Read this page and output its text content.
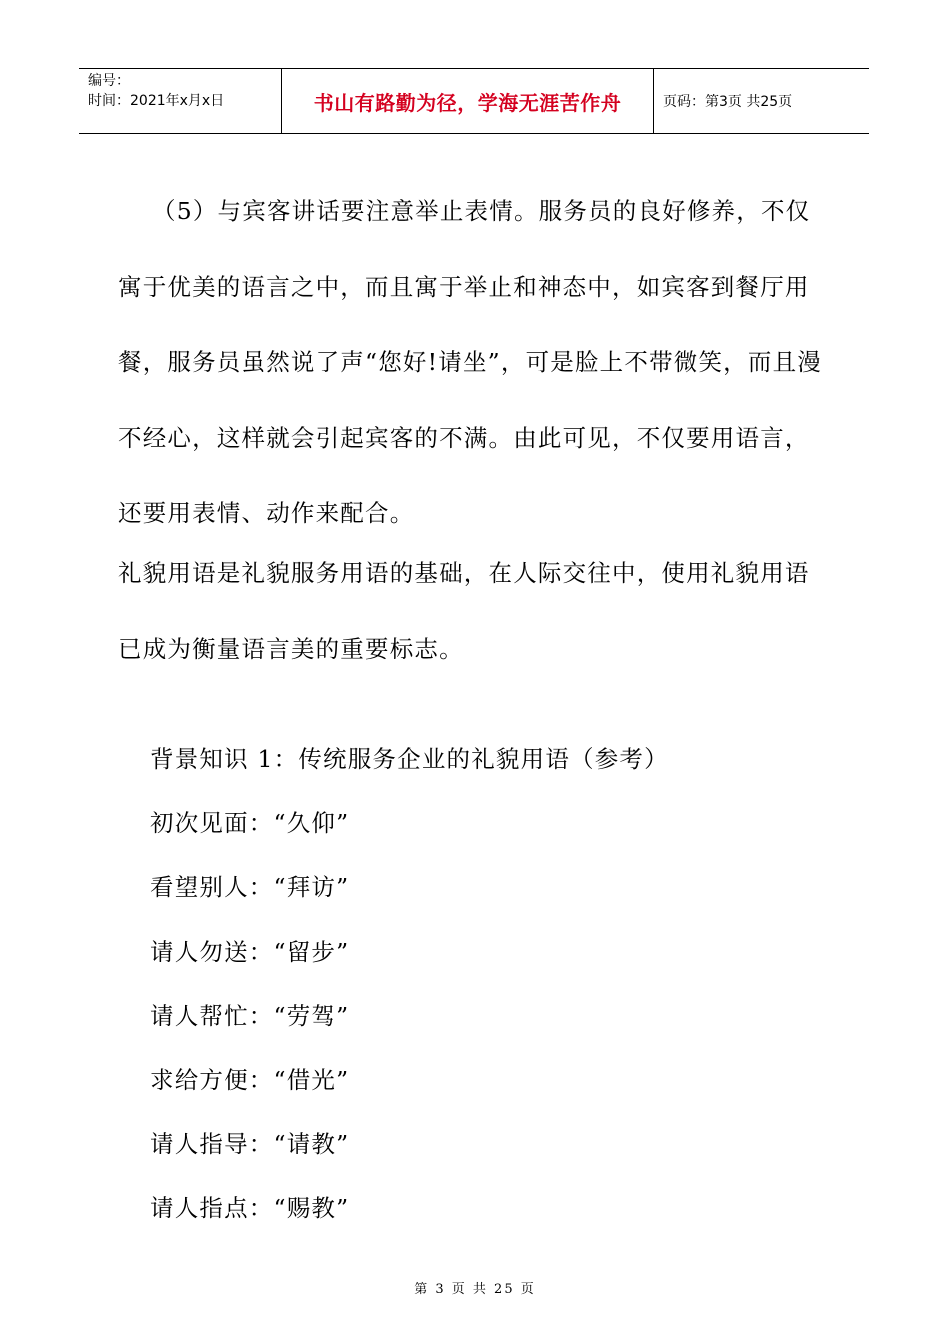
编号：
时间：2021年x月x日	书山有路勤为径，学海无涯苦作舟	页码：第3页 共25页

（5）与宾客讲话要注意举止表情。服务员的良好修养，不仅寓于优美的语言之中，而且寓于举止和神态中，如宾客到餐厅用餐，服务员虽然说了声“您好!请坐”，可是脸上不带微笑，而且漫不经心，这样就会引起宾客的不满。由此可见，不仅要用语言，还要用表情、动作来配合。

礼貌用语是礼貌服务用语的基础，在人际交往中，使用礼貌用语已成为衡量语言美的重要标志。

背景知识 1：传统服务企业的礼貌用语（参考）
初次见面：“久仰”
看望别人：“拜访”
请人勿送：“留步”
请人帮忙：“劳驾”
求给方便：“借光”
请人指导：“请教”
请人指点：“赐教”
第 3 页 共 25 页
